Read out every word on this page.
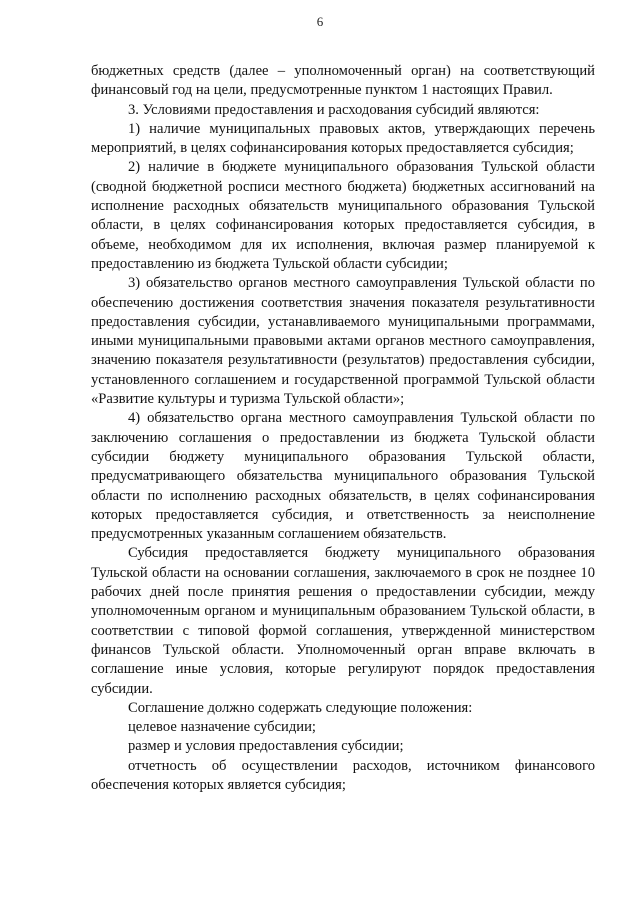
6

бюджетных средств (далее – уполномоченный орган) на соответствующий финансовый год на цели, предусмотренные пунктом 1 настоящих Правил.

3. Условиями предоставления и расходования субсидий являются:

1) наличие муниципальных правовых актов, утверждающих перечень мероприятий, в целях софинансирования которых предоставляется субсидия;

2) наличие в бюджете муниципального образования Тульской области (сводной бюджетной росписи местного бюджета) бюджетных ассигнований на исполнение расходных обязательств муниципального образования Тульской области, в целях софинансирования которых предоставляется субсидия, в объеме, необходимом для их исполнения, включая размер планируемой к предоставлению из бюджета Тульской области субсидии;

3) обязательство органов местного самоуправления Тульской области по обеспечению достижения соответствия значения показателя результативности предоставления субсидии, устанавливаемого муниципальными программами, иными муниципальными правовыми актами органов местного самоуправления, значению показателя результативности (результатов) предоставления субсидии, установленного соглашением и государственной программой Тульской области «Развитие культуры и туризма Тульской области»;

4) обязательство органа местного самоуправления Тульской области по заключению соглашения о предоставлении из бюджета Тульской области субсидии бюджету муниципального образования Тульской области, предусматривающего обязательства муниципального образования Тульской области по исполнению расходных обязательств, в целях софинансирования которых предоставляется субсидия, и ответственность за неисполнение предусмотренных указанным соглашением обязательств.

Субсидия предоставляется бюджету муниципального образования Тульской области на основании соглашения, заключаемого в срок не позднее 10 рабочих дней после принятия решения о предоставлении субсидии, между уполномоченным органом и муниципальным образованием Тульской области, в соответствии с типовой формой соглашения, утвержденной министерством финансов Тульской области. Уполномоченный орган вправе включать в соглашение иные условия, которые регулируют порядок предоставления субсидии.

Соглашение должно содержать следующие положения:

целевое назначение субсидии;

размер и условия предоставления субсидии;

отчетность об осуществлении расходов, источником финансового обеспечения которых является субсидия;
